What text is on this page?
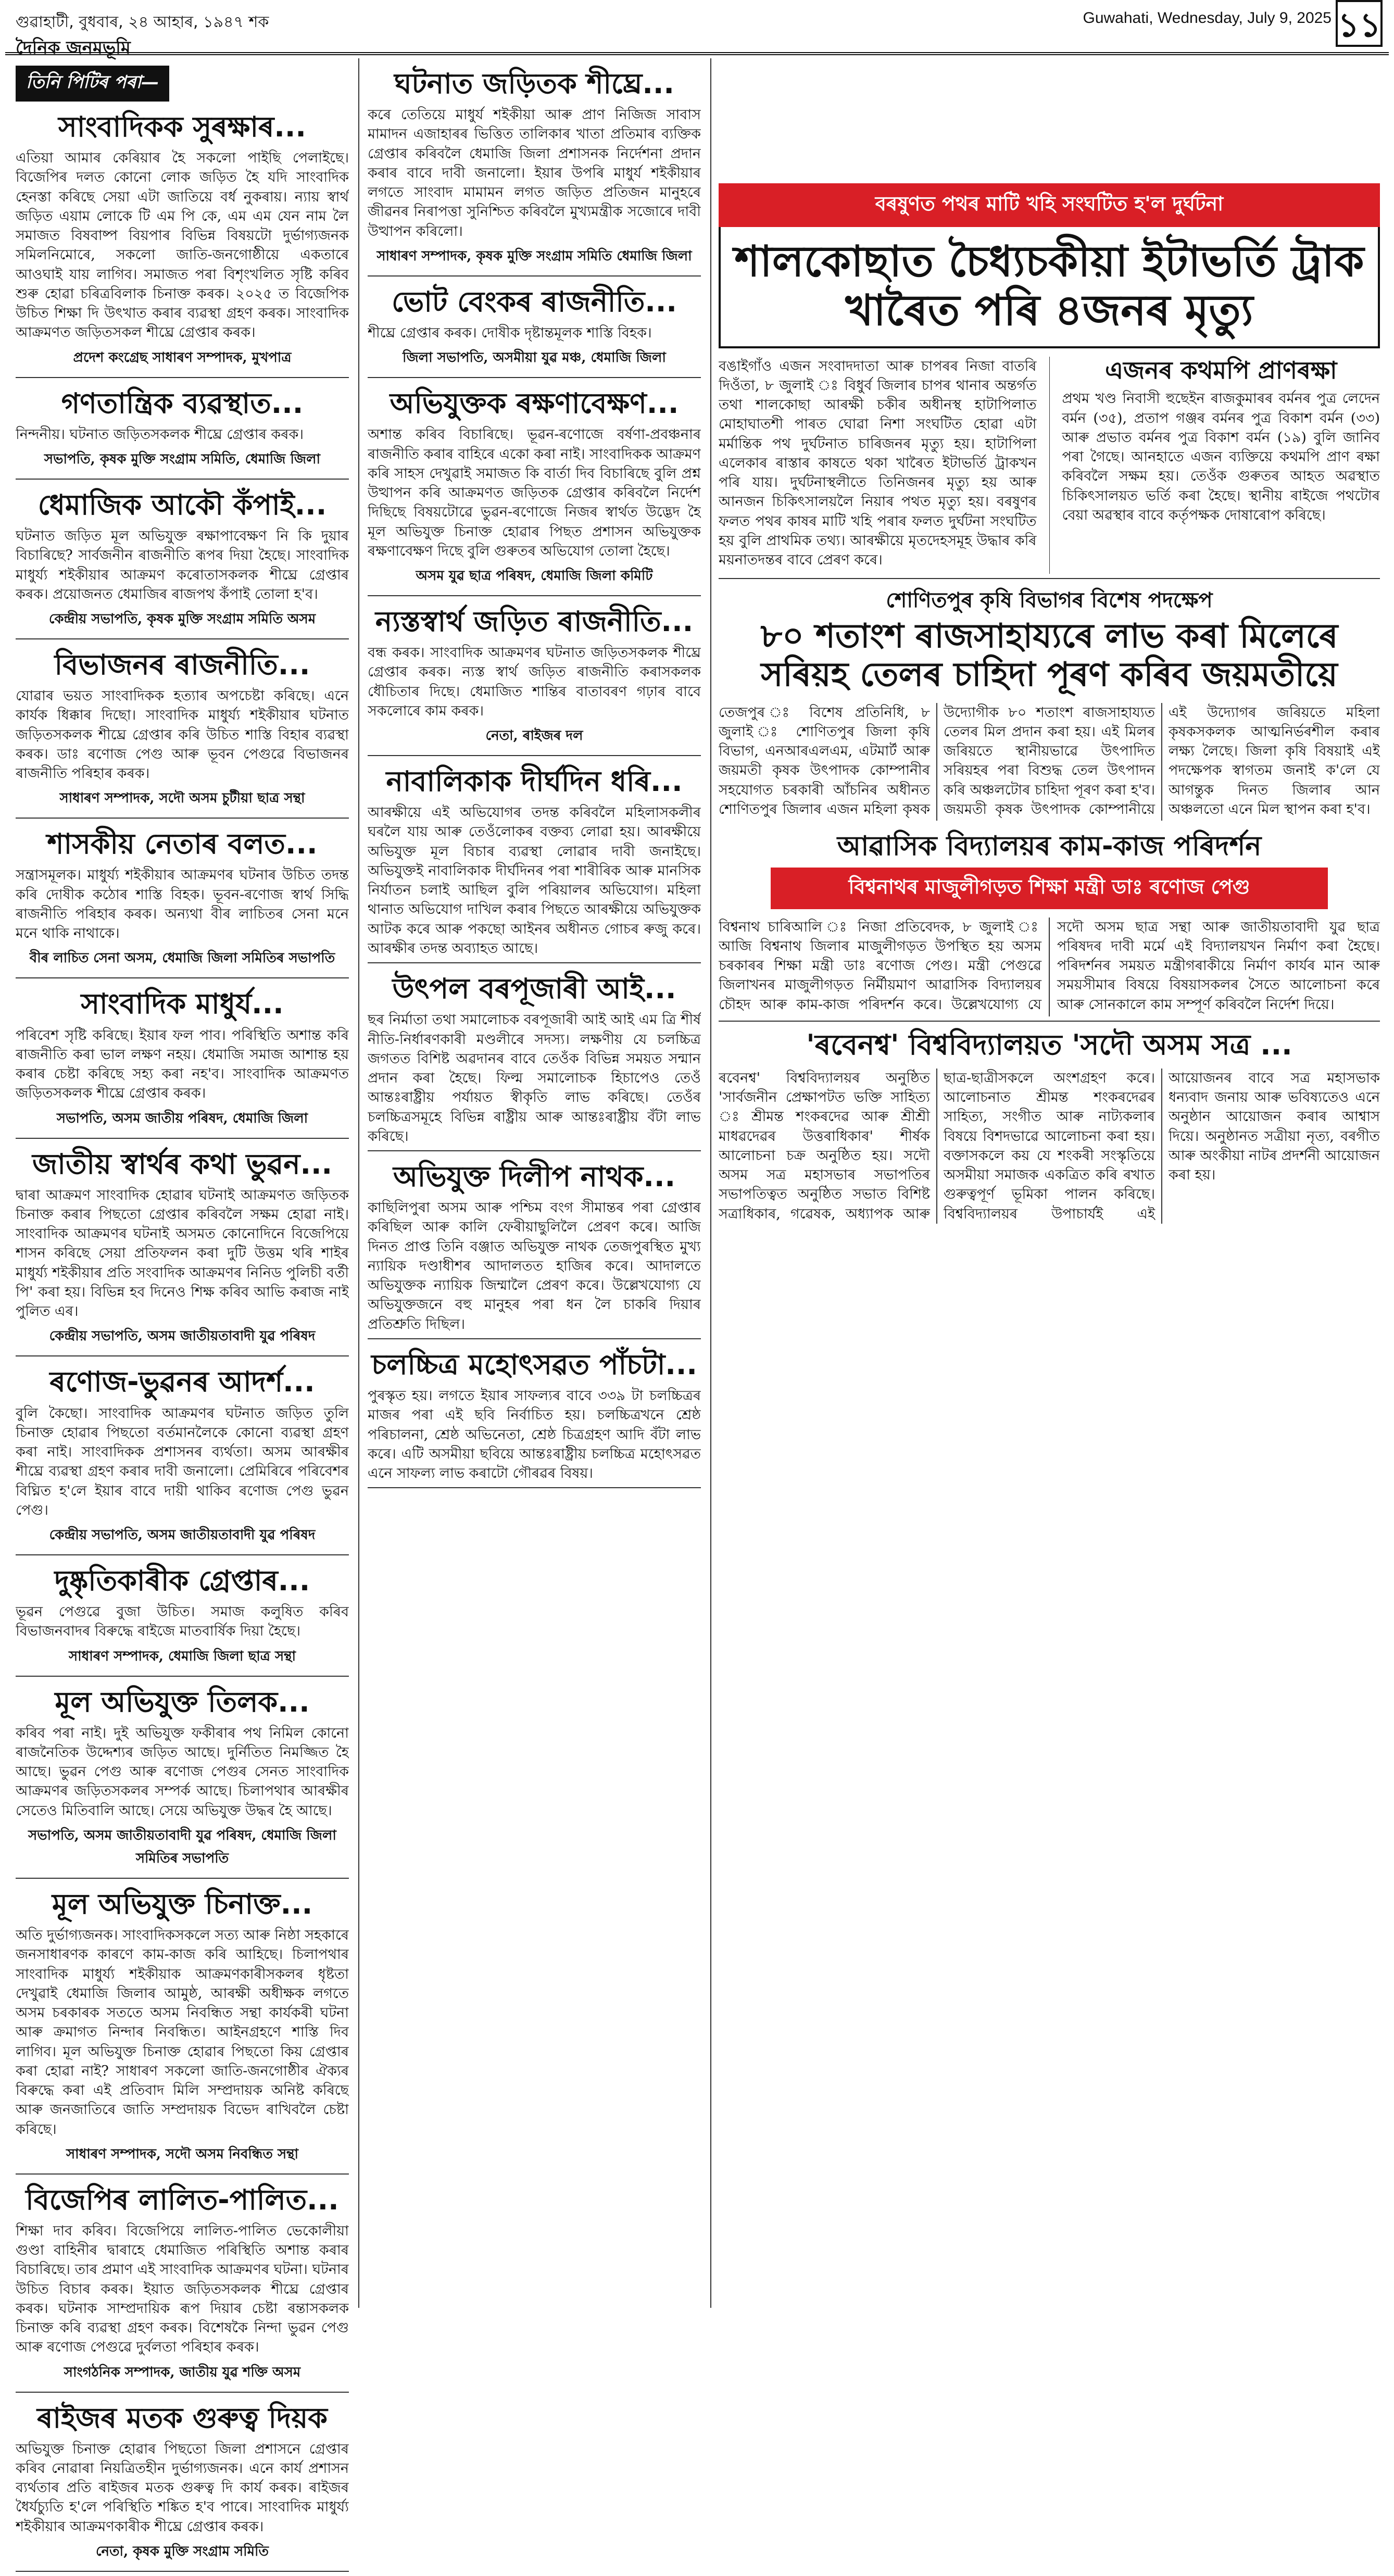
গুৱাহাটী, বুধবাৰ, ২৪ আহাৰ, ১৯৪৭ শক	Guwahati, Wednesday, July 9, 2025 ১১
দৈনিক জনমভূমি
তিনি পিটিৰ পৰা—
সাংবাদিকক সুৰক্ষাৰ...

এতিয়া আমাৰ কেৰিয়াৰ হৈ সকলো পাইছি পেলাইছে। বিজেপিৰ দলত কোনো লোক জড়িত হৈ যদি সাংবাদিক হেনস্তা কৰিছে সেয়া এটা জাতিয়ে বৰ্ধ নুকৰায়। ন্যায় স্বাৰ্থ জড়িত এয়াম লোকে টি এম পি কে, এম এম যেন নাম লৈ সমাজত বিষবাষ্প বিয়পাৰ বিভিন্ন বিষয়টো দুৰ্ভাগ্যজনক সমিলনিমোৰে, সকলো জাতি-জনগোষ্ঠীয়ে একতাৰে আওঘাই যায় লাগিব। সমাজত পৰা বিশৃংখলিত সৃষ্টি কৰিব শুৰু হোৱা চৰিত্ৰবিলাক চিনাক্ত কৰক। ২০২৫ ত বিজেপিক উচিত শিক্ষা দি উৎখাত কৰাৰ ব্যৱস্থা গ্ৰহণ কৰক। সাংবাদিক আক্ৰমণত জড়িতসকল শীঘ্ৰে গ্ৰেপ্তাৰ কৰক।

প্ৰদেশ কংগ্ৰেছ সাধাৰণ সম্পাদক, মুখপাত্ৰ
গণতান্ত্ৰিক ব্যৱস্থাত...

নিন্দনীয়। ঘটনাত জড়িতসকলক শীঘ্ৰে গ্ৰেপ্তাৰ কৰক।

সভাপতি, কৃষক মুক্তি সংগ্ৰাম সমিতি, ধেমাজি জিলা
ধেমাজিক আকৌ কঁপাই...

ঘটনাত জড়িত মূল অভিযুক্ত ৰক্ষাপাবেক্ষণ নি কি দুয়াৰ বিচাৰিছে? সাৰ্বজনীন ৰাজনীতি ৰূপৰ দিয়া হৈছে। সাংবাদিক মাধুৰ্য্য শইকীয়াৰ আক্ৰমণ কৰোতাসকলক শীঘ্ৰে গ্ৰেপ্তাৰ কৰক। প্ৰয়োজনত ধেমাজিৰ ৰাজপথ কঁপাই তোলা হ'ব।

কেন্দ্ৰীয় সভাপতি, কৃষক মুক্তি সংগ্ৰাম সমিতি অসম
বিভাজনৰ ৰাজনীতি...

যোৱাৰ ভয়ত সাংবাদিকক হত্যাৰ অপচেষ্টা কৰিছে। এনে কাৰ্যক ধিক্কাৰ দিছো। সাংবাদিক মাধুৰ্য্য শইকীয়াৰ ঘটনাত জড়িতসকলক শীঘ্ৰে গ্ৰেপ্তাৰ কৰি উচিত শাস্তি বিহাৰ ব্যৱস্থা কৰক। ডাঃ ৰণোজ পেগু আৰু ভূবন পেগুৱে বিভাজনৰ ৰাজনীতি পৰিহাৰ কৰক।

সাধাৰণ সম্পাদক, সদৌ অসম চুটীয়া ছাত্ৰ সন্থা
শাসকীয় নেতাৰ বলত...

সন্ত্ৰাসমূলক। মাধুৰ্য্য শইকীয়াৰ আক্ৰমণৰ ঘটনাৰ উচিত তদন্ত কৰি দোষীক কঠোৰ শাস্তি বিহক। ভূবন-ৰণোজ স্বাৰ্থ সিদ্ধি ৰাজনীতি পৰিহাৰ কৰক। অন্যথা বীৰ লাচিতৰ সেনা মনে মনে থাকি নাথাকে।

বীৰ লাচিত সেনা অসম, ধেমাজি জিলা সমিতিৰ সভাপতি
সাংবাদিক মাধুৰ্য...

পৰিবেশ সৃষ্টি কৰিছে। ইয়াৰ ফল পাব। পৰিস্থিতি অশান্ত কৰি ৰাজনীতি কৰা ভাল লক্ষণ নহয়। ধেমাজি সমাজ আশান্ত হয় কৰাৰ চেষ্টা কৰিছে সহ্য কৰা নহ'ব। সাংবাদিক আক্ৰমণত জড়িতসকলক শীঘ্ৰে গ্ৰেপ্তাৰ কৰক।

সভাপতি, অসম জাতীয় পৰিষদ, ধেমাজি জিলা
জাতীয় স্বাৰ্থৰ কথা ভুৱন...

দ্বাৰা আক্ৰমণ সাংবাদিক হোৱাৰ ঘটনাই আক্ৰমণত জড়িতক চিনাক্ত কৰাৰ পিছতো গ্ৰেপ্তাৰ কৰিবলৈ সক্ষম হোৱা নাই। সাংবাদিক আক্ৰমণৰ ঘটনাই অসমত কোনোদিনে বিজেপিয়ে শাসন কৰিছে সেয়া প্ৰতিফলন কৰা দুটি উত্তম থৰি শাইৰ মাধুৰ্য্য শইকীয়াৰ প্ৰতি সংবাদিক আক্ৰমণৰ নিনিড পুলিচী বৰ্তী পি' কৰা হয়। বিভিন্ন হব দিনেও শিক্ষ কৰিব আভি কৰাজ নাই পুলিত এৰ।

কেন্দ্ৰীয় সভাপতি, অসম জাতীয়তাবাদী যুৱ পৰিষদ
ৰণোজ-ভুৱনৰ আদৰ্শ...

বুলি কৈছো। সাংবাদিক আক্ৰমণৰ ঘটনাত জড়িত তুলি চিনাক্ত হোৱাৰ পিছতো বৰ্তমানলৈকে কোনো ব্যৱস্থা গ্ৰহণ কৰা নাই। সাংবাদিকক প্ৰশাসনৰ ব্যৰ্থতা। অসম আৰক্ষীৰ শীঘ্ৰে ব্যৱস্থা গ্ৰহণ কৰাৰ দাবী জনালো। প্ৰেমিৰিৰে পৰিবেশৰ বিঘ্নিত হ'লে ইয়াৰ বাবে দায়ী থাকিব ৰণোজ পেগু ভুৱন পেগু।

কেন্দ্ৰীয় সভাপতি, অসম জাতীয়তাবাদী যুৱ পৰিষদ
দুষ্কৃতিকাৰীক গ্ৰেপ্তাৰ...

ভূৱন পেগুৱে বুজা উচিত। সমাজ কলুষিত কৰিব বিভাজনবাদৰ বিৰুদ্ধে ৰাইজে মাতবাৰ্ষিক দিয়া হৈছে।

সাধাৰণ সম্পাদক, ধেমাজি জিলা ছাত্ৰ সন্থা
মূল অভিযুক্ত তিলক...

কৰিব পৰা নাই। দুই অভিযুক্ত ফকীৰাৰ পথ নিমিল কোনো ৰাজনৈতিক উদ্দেশ্যৰ জড়িত আছে। দুৰ্নিতিত নিমজ্জিত হৈ আছে। ভুৱন পেগু আৰু ৰণোজ পেগুৰ সেনত সাংবাদিক আক্ৰমণৰ জড়িতসকলৰ সম্পৰ্ক আছে। চিলাপথাৰ আৰক্ষীৰ সেতেও মিতিবালি আছে। সেয়ে অভিযুক্ত উদ্ধৰ হৈ আছে।

সভাপতি, অসম জাতীয়তাবাদী যুৱ পৰিষদ, ধেমাজি জিলা সমিতিৰ সভাপতি
মূল অভিযুক্ত চিনাক্ত...

অতি দুৰ্ভাগ্যজনক। সাংবাদিকসকলে সত্য আৰু নিষ্ঠা সহকাৰে জনসাধাৰণক কাৰণে কাম-কাজ কৰি আহিছে। চিলাপথাৰ সাংবাদিক মাধুৰ্য্য শইকীয়াক আক্ৰমণকাৰীসকলৰ ধৃষ্টতা দেখুৱাই ধেমাজি জিলাৰ আমুষ্ঠ, আৰক্ষী অধীক্ষক লগতে অসম চৰকাৰক সততে অসম নিবন্ধিত সন্থা কাৰ্যকৰী ঘটনা আৰু ক্ৰমাগত নিন্দাৰ নিবন্ধিত। আইনগ্ৰহণে শাস্তি দিব লাগিব। মূল অভিযুক্ত চিনাক্ত হোৱাৰ পিছতো কিয় গ্ৰেপ্তাৰ কৰা হোৱা নাই? সাধাৰণ সকলো জাতি-জনগোষ্ঠীৰ ঐক্যৰ বিৰুদ্ধে কৰা এই প্ৰতিবাদ মিলি সম্প্ৰদায়ক অনিষ্ট কৰিছে আৰু জনজাতিৰে জাতি সম্প্ৰদায়ক বিভেদ ৰাখিবলৈ চেষ্টা কৰিছে।

সাধাৰণ সম্পাদক, সদৌ অসম নিবন্ধিত সন্থা
বিজেপিৰ লালিত-পালিত...

শিক্ষা দাব কৰিব। বিজেপিয়ে লালিত-পালিত ভেকোলীয়া গুণ্ডা বাহিনীৰ দ্বাৰাহে ধেমাজিত পৰিস্থিতি অশান্ত কৰাৰ বিচাৰিছে। তাৰ প্ৰমাণ এই সাংবাদিক আক্ৰমণৰ ঘটনা। ঘটনাৰ উচিত বিচাৰ কৰক। ইয়াত জড়িতসকলক শীঘ্ৰে গ্ৰেপ্তাৰ কৰক। ঘটনাক সাম্প্ৰদায়িক ৰূপ দিয়াৰ চেষ্টা ৰন্তাসকলক চিনাক্ত কৰি ব্যৱস্থা গ্ৰহণ কৰক। বিশেষকৈ নিন্দা ভুৱন পেগু আৰু ৰণোজ পেগুৱে দুৰ্বলতা পৰিহাৰ কৰক।

সাংগঠনিক সম্পাদক, জাতীয় যুৱ শক্তি অসম
ৰাইজৰ মতক গুৰুত্ব দিয়ক

অভিযুক্ত চিনাক্ত হোৱাৰ পিছতো জিলা প্ৰশাসনে গ্ৰেপ্তাৰ কৰিব নোৱাৰা নিয়ত্ৰিতহীন দুৰ্ভাগ্যজনক। এনে কাৰ্য প্ৰশাসন ব্যৰ্থতাৰ প্ৰতি ৰাইজৰ মতক গুৰুত্ব দি কাৰ্য কৰক। ৰাইজৰ ধৈৰ্যচ্যুতি হ'লে পৰিস্থিতি শঙ্কিত হ'ব পাৰে। সাংবাদিক মাধুৰ্য্য শইকীয়াৰ আক্ৰমণকাৰীক শীঘ্ৰে গ্ৰেপ্তাৰ কৰক।

নেতা, কৃষক মুক্তি সংগ্ৰাম সমিতি
ঘটনাত জড়িতক শীঘ্ৰে...

কৰে তেতিয়ে মাধুৰ্য শইকীয়া আৰু প্ৰাণ নিজিজ সাবাস মামাদন এজাহাৰৰ ভিত্তিত তালিকাৰ খাতা প্ৰতিমাৰ ব্যক্তিক গ্ৰেপ্তাৰ কৰিবলৈ ধেমাজি জিলা প্ৰশাসনক নিৰ্দেশনা প্ৰদান কৰাৰ বাবে দাবী জনালো। ইয়াৰ উপৰি মাধুৰ্য শইকীয়াৰ লগতে সাংবাদ মামামন লগত জড়িত প্ৰতিজন মানুহৰে জীৱনৰ নিৰাপত্তা সুনিশ্চিত কৰিবলৈ মুখ্যমন্ত্ৰীক সজোৰে দাবী উত্থাপন কৰিলো।

সাধাৰণ সম্পাদক, কৃষক মুক্তি সংগ্ৰাম সমিতি ধেমাজি জিলা
ভোট বেংকৰ ৰাজনীতি...

শীঘ্ৰে গ্ৰেপ্তাৰ কৰক। দোষীক দৃষ্টান্তমূলক শাস্তি বিহক।

জিলা সভাপতি, অসমীয়া যুৱ মঞ্চ, ধেমাজি জিলা
অভিযুক্তক ৰক্ষণাবেক্ষণ...

অশান্ত কৰিব বিচাৰিছে। ভূৱন-ৰণোজে বৰ্ষণা-প্ৰবঞ্চনাৰ ৰাজনীতি কৰাৰ বাহিৰে একো কৰা নাই। সাংবাদিকক আক্ৰমণ কৰি সাহস দেখুৱাই সমাজত কি বাৰ্তা দিব বিচাৰিছে বুলি প্ৰশ্ন উত্থাপন কৰি আক্ৰমণত জড়িতক গ্ৰেপ্তাৰ কৰিবলৈ নিৰ্দেশ দিছিছে বিষয়টোৱে ভুৱন-ৰণোজে নিজৰ স্বাৰ্থত উদ্ভেদ হৈ মূল অভিযুক্ত চিনাক্ত হোৱাৰ পিছত প্ৰশাসন অভিযুক্তক ৰক্ষণাবেক্ষণ দিছে বুলি গুৰুতৰ অভিযোগ তোলা হৈছে।

অসম যুৱ ছাত্ৰ পৰিষদ, ধেমাজি জিলা কমিটি
ন্যস্তস্বাৰ্থ জড়িত ৰাজনীতি...

বন্ধ কৰক। সাংবাদিক আক্ৰমণৰ ঘটনাত জড়িতসকলক শীঘ্ৰে গ্ৰেপ্তাৰ কৰক। ন্যস্ত স্বাৰ্থ জড়িত ৰাজনীতি কৰাসকলক ধৌচিতাৰ দিছে। ধেমাজিত শান্তিৰ বাতাবৰণ গঢ়াৰ বাবে সকলোৰে কাম কৰক।

নেতা, ৰাইজৰ দল
নাবালিকাক দীৰ্ঘদিন ধৰি...

আৰক্ষীয়ে এই অভিযোগৰ তদন্ত কৰিবলৈ মহিলাসকলীৰ ঘৰলৈ যায় আৰু তেওঁলোকৰ বক্তব্য লোৱা হয়। আৰক্ষীয়ে অভিযুক্ত মূল বিচাৰ ব্যৱস্থা লোৱাৰ দাবী জনাইছে। অভিযুক্তই নাবালিকাক দীৰ্ঘদিনৰ পৰা শাৰীৰিক আৰু মানসিক নিৰ্যাতন চলাই আছিল বুলি পৰিয়ালৰ অভিযোগ। মহিলা থানাত অভিযোগ দাখিল কৰাৰ পিছতে আৰক্ষীয়ে অভিযুক্তক আটক কৰে আৰু পকছো আইনৰ অধীনত গোচৰ ৰুজু কৰে। আৰক্ষীৰ তদন্ত অব্যাহত আছে।

উৎপল বৰপূজাৰী আই...

ছৰ নিৰ্মাতা তথা সমালোচক বৰপূজাৰী আই আই এম ত্ৰি শীৰ্ষ নীতি-নিৰ্ধাৰণকাৰী মণ্ডলীৰে সদস্য। লক্ষণীয় যে চলচ্চিত্ৰ জগতত বিশিষ্ট অৱদানৰ বাবে তেওঁক বিভিন্ন সময়ত সন্মান প্ৰদান কৰা হৈছে। ফিল্ম সমালোচক হিচাপেও তেওঁ আন্তঃৰাষ্ট্ৰীয় পৰ্যায়ত স্বীকৃতি লাভ কৰিছে। তেওঁৰ চলচ্চিত্ৰসমূহে বিভিন্ন ৰাষ্ট্ৰীয় আৰু আন্তঃৰাষ্ট্ৰীয় বঁটা লাভ কৰিছে।

অভিযুক্ত দিলীপ নাথক...

কাছিলিপুৰা অসম আৰু পশ্চিম বংগ সীমান্তৰ পৰা গ্ৰেপ্তাৰ কৰিছিল আৰু কালি ফেৰীয়াছুলিলৈ প্ৰেৰণ কৰে। আজি দিনত প্ৰাপ্ত তিনি বঞ্জাত অভিযুক্ত নাথক তেজপুৰস্থিত মুখ্য ন্যায়িক দণ্ডাধীশৰ আদালতত হাজিৰ কৰে। আদালতে অভিযুক্তক ন্যায়িক জিম্মালৈ প্ৰেৰণ কৰে। উল্লেখযোগ্য যে অভিযুক্তজনে বহু মানুহৰ পৰা ধন লৈ চাকৰি দিয়াৰ প্ৰতিশ্ৰুতি দিছিল।

চলচ্চিত্ৰ মহোৎসৱত পাঁচটা...

পুৰস্কৃত হয়। লগতে ইয়াৰ সাফল্যৰ বাবে ৩৩৯ টা চলচ্চিত্ৰৰ মাজৰ পৰা এই ছবি নিৰ্বাচিত হয়। চলচ্চিত্ৰখনে শ্ৰেষ্ঠ পৰিচালনা, শ্ৰেষ্ঠ অভিনেতা, শ্ৰেষ্ঠ চিত্ৰগ্ৰহণ আদি বঁটা লাভ কৰে। এটি অসমীয়া ছবিয়ে আন্তঃৰাষ্ট্ৰীয় চলচ্চিত্ৰ মহোৎসৱত এনে সাফল্য লাভ কৰাটো গৌৰৱৰ বিষয়।

বৰষুণত পথৰ মাটি খহি সংঘটিত হ'ল দুৰ্ঘটনা
শালকোছাত চৈধ্যচকীয়া ইটাভৰ্তি ট্ৰাক খাৰৈত পৰি ৪জনৰ মৃত্যু

বঙাইগাঁও এজন সংবাদদাতা আৰু চাপৰৰ নিজা বাতৰি দিওঁতা, ৮ জুলাই ঃ বিধুৰ্ব জিলাৰ চাপৰ থানাৰ অন্তৰ্গত তথা শালকোছা আৰক্ষী চকীৰ অধীনস্থ হাটাপিলাত মোহাঘাতশী পাৰত ঘোৱা নিশা সংঘটিত হোৱা এটা মৰ্মান্তিক পথ দুৰ্ঘটনাত চাৰিজনৰ মৃত্যু হয়। হাটাপিলা এলেকাৰ ৰাস্তাৰ কাষতে থকা খাৰৈত ইটাভৰ্তি ট্ৰাকখন পৰি যায়। দুৰ্ঘটনাস্থলীতে তিনিজনৰ মৃত্যু হয় আৰু আনজন চিকিৎসালয়লৈ নিয়াৰ পথত মৃত্যু হয়। বৰষুণৰ ফলত পথৰ কাষৰ মাটি খহি পৰাৰ ফলত দুৰ্ঘটনা সংঘটিত হয় বুলি প্ৰাথমিক তথ্য। আৰক্ষীয়ে মৃতদেহসমূহ উদ্ধাৰ কৰি ময়নাতদন্তৰ বাবে প্ৰেৰণ কৰে।

এজনৰ কথমপি প্ৰাণৰক্ষা

প্ৰথম খণ্ড নিবাসী হুছেইন ৰাজকুমাৰৰ বৰ্মনৰ পুত্ৰ লেদেন বৰ্মন (৩৫), প্ৰতাপ গঞ্জৰ বৰ্মনৰ পুত্ৰ বিকাশ বৰ্মন (৩৩) আৰু প্ৰভাত বৰ্মনৰ পুত্ৰ বিকাশ বৰ্মন (১৯) বুলি জানিব পৰা গৈছে। আনহাতে এজন ব্যক্তিয়ে কথমপি প্ৰাণ ৰক্ষা কৰিবলৈ সক্ষম হয়। তেওঁক গুৰুতৰ আহত অৱস্থাত চিকিৎসালয়ত ভৰ্তি কৰা হৈছে। স্থানীয় ৰাইজে পথটোৰ বেয়া অৱস্থাৰ বাবে কৰ্তৃপক্ষক দোষাৰোপ কৰিছে।

শোণিতপুৰ কৃষি বিভাগৰ বিশেষ পদক্ষেপ
৮০ শতাংশ ৰাজসাহায্যৰে লাভ কৰা মিলেৰে সৰিয়হ তেলৰ চাহিদা পূৰণ কৰিব জয়মতীয়ে

তেজপুৰ ঃ বিশেষ প্ৰতিনিধি, ৮ জুলাই ঃ শোণিতপুৰ জিলা কৃষি বিভাগ, এনআৰএলএম, এটমাৰ্ট আৰু জয়মতী কৃষক উৎপাদক কোম্পানীৰ সহযোগত চৰকাৰী আঁচনিৰ অধীনত শোণিতপুৰ জিলাৰ এজন মহিলা কৃষক উদ্যোগীক ৮০ শতাংশ ৰাজসাহায্যত তেলৰ মিল প্ৰদান কৰা হয়। এই মিলৰ জৰিয়তে স্থানীয়ভাৱে উৎপাদিত সৰিয়হৰ পৰা বিশুদ্ধ তেল উৎপাদন কৰি অঞ্চলটোৰ চাহিদা পূৰণ কৰা হ'ব। জয়মতী কৃষক উৎপাদক কোম্পানীয়ে এই উদ্যোগৰ জৰিয়তে মহিলা কৃষকসকলক আত্মনিৰ্ভৰশীল কৰাৰ লক্ষ্য লৈছে। জিলা কৃষি বিষয়াই এই পদক্ষেপক স্বাগতম জনাই ক'লে যে আগন্তুক দিনত জিলাৰ আন অঞ্চলতো এনে মিল স্থাপন কৰা হ'ব।

আৱাসিক বিদ্যালয়ৰ কাম-কাজ পৰিদৰ্শন
বিশ্বনাথৰ মাজুলীগড়ত শিক্ষা মন্ত্ৰী ডাঃ ৰণোজ পেগু

বিশ্বনাথ চাৰিআলি ঃ নিজা প্ৰতিবেদক, ৮ জুলাই ঃ আজি বিশ্বনাথ জিলাৰ মাজুলীগড়ত উপস্থিত হয় অসম চৰকাৰৰ শিক্ষা মন্ত্ৰী ডাঃ ৰণোজ পেগু। মন্ত্ৰী পেগুৱে জিলাখনৰ মাজুলীগড়ত নিৰ্মীয়মাণ আৱাসিক বিদ্যালয়ৰ চৌহদ আৰু কাম-কাজ পৰিদৰ্শন কৰে। উল্লেখযোগ্য যে সদৌ অসম ছাত্ৰ সন্থা আৰু জাতীয়তাবাদী যুৱ ছাত্ৰ পৰিষদৰ দাবী মৰ্মে এই বিদ্যালয়খন নিৰ্মাণ কৰা হৈছে। পৰিদৰ্শনৰ সময়ত মন্ত্ৰীগৰাকীয়ে নিৰ্মাণ কাৰ্যৰ মান আৰু সময়সীমাৰ বিষয়ে বিষয়াসকলৰ সৈতে আলোচনা কৰে আৰু সোনকালে কাম সম্পূৰ্ণ কৰিবলৈ নিৰ্দেশ দিয়ে।

'ৰবেনশ্ব' বিশ্ববিদ্যালয়ত 'সদৌ অসম সত্ৰ ...

ৰবেনশ্ব' বিশ্ববিদ্যালয়ৰ অনুষ্ঠিত 'সাৰ্বজনীন প্ৰেক্ষাপটত ভক্তি সাহিত্য ঃ শ্ৰীমন্ত শংকৰদেৱ আৰু শ্ৰীশ্ৰী মাধৱদেৱৰ উত্তৰাধিকাৰ' শীৰ্ষক আলোচনা চক্ৰ অনুষ্ঠিত হয়। সদৌ অসম সত্ৰ মহাসভাৰ সভাপতিৰ সভাপতিত্বত অনুষ্ঠিত সভাত বিশিষ্ট সত্ৰাধিকাৰ, গৱেষক, অধ্যাপক আৰু ছাত্ৰ-ছাত্ৰীসকলে অংশগ্ৰহণ কৰে। আলোচনাত শ্ৰীমন্ত শংকৰদেৱৰ সাহিত্য, সংগীত আৰু নাট্যকলাৰ বিষয়ে বিশদভাৱে আলোচনা কৰা হয়। বক্তাসকলে কয় যে শংকৰী সংস্কৃতিয়ে অসমীয়া সমাজক একত্ৰিত কৰি ৰখাত গুৰুত্বপূৰ্ণ ভূমিকা পালন কৰিছে। বিশ্ববিদ্যালয়ৰ উপাচাৰ্যই এই আয়োজনৰ বাবে সত্ৰ মহাসভাক ধন্যবাদ জনায় আৰু ভবিষ্যতেও এনে অনুষ্ঠান আয়োজন কৰাৰ আশ্বাস দিয়ে। অনুষ্ঠানত সত্ৰীয়া নৃত্য, বৰগীত আৰু অংকীয়া নাটৰ প্ৰদৰ্শনী আয়োজন কৰা হয়।
